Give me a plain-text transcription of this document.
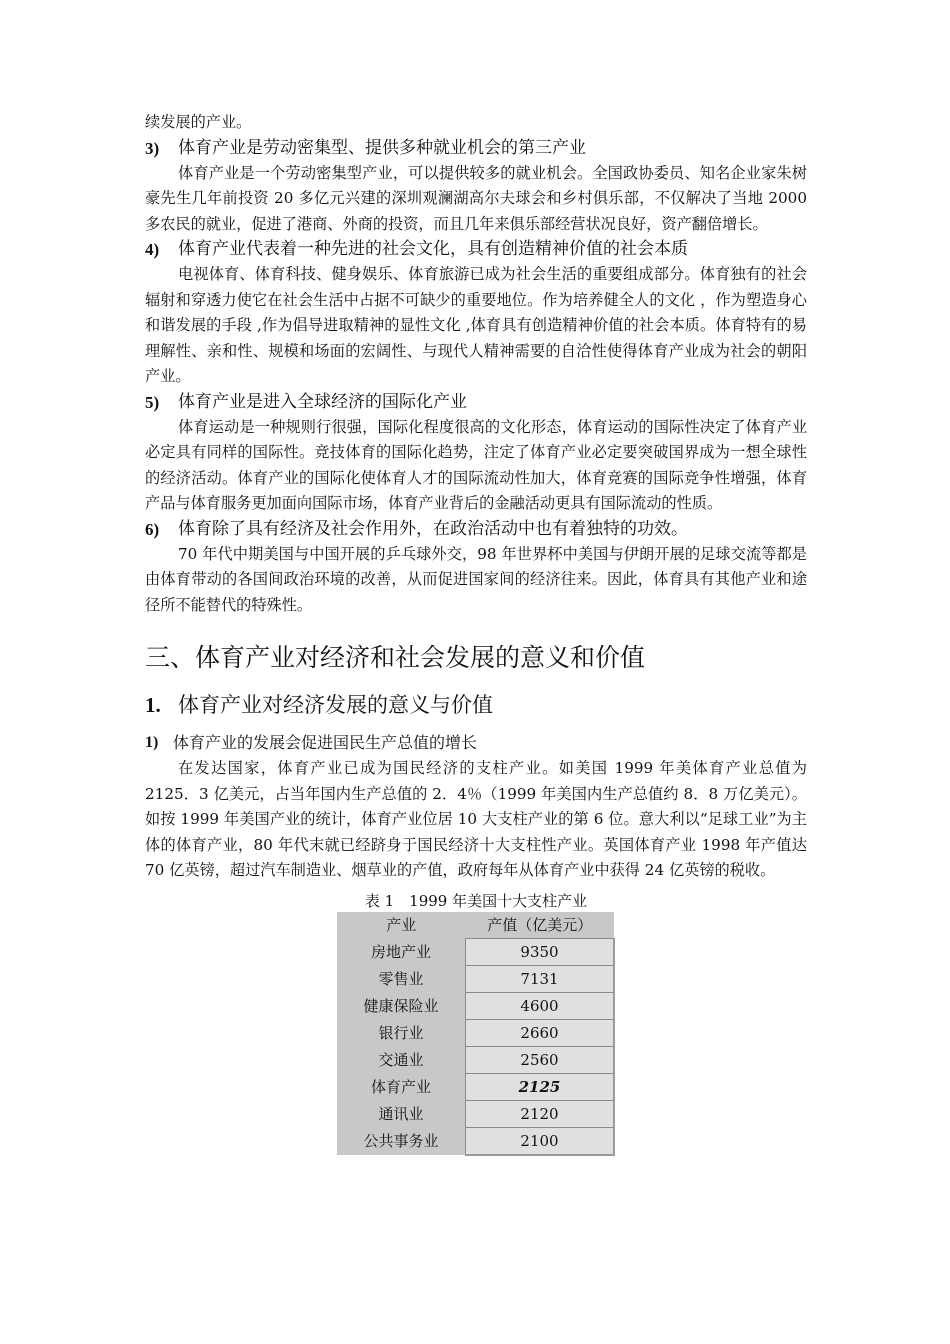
续发展的产业。

3)	体育产业是劳动密集型、提供多种就业机会的第三产业

体育产业是一个劳动密集型产业，可以提供较多的就业机会。全国政协委员、知名企业家朱树豪先生几年前投资 20 多亿元兴建的深圳观澜湖高尔夫球会和乡村俱乐部，不仅解决了当地 2000 多农民的就业，促进了港商、外商的投资，而且几年来俱乐部经营状况良好，资产翻倍增长。

4)	体育产业代表着一种先进的社会文化，具有创造精神价值的社会本质

电视体育、体育科技、健身娱乐、体育旅游已成为社会生活的重要组成部分。体育独有的社会辐射和穿透力使它在社会生活中占据不可缺少的重要地位。作为培养健全人的文化 ，作为塑造身心和谐发展的手段 ,作为倡导进取精神的显性文化 ,体育具有创造精神价值的社会本质。体育特有的易理解性、亲和性、规模和场面的宏阔性、与现代人精神需要的自洽性使得体育产业成为社会的朝阳产业。

5)	体育产业是进入全球经济的国际化产业

体育运动是一种规则行很强，国际化程度很高的文化形态，体育运动的国际性决定了体育产业必定具有同样的国际性。竞技体育的国际化趋势，注定了体育产业必定要突破国界成为一想全球性的经济活动。体育产业的国际化使体育人才的国际流动性加大，体育竞赛的国际竞争性增强，体育产品与体育服务更加面向国际市场，体育产业背后的金融活动更具有国际流动的性质。

6)	体育除了具有经济及社会作用外，在政治活动中也有着独特的功效。

70 年代中期美国与中国开展的乒乓球外交，98 年世界杯中美国与伊朗开展的足球交流等都是由体育带动的各国间政治环境的改善，从而促进国家间的经济往来。因此，体育具有其他产业和途径所不能替代的特殊性。

三、体育产业对经济和社会发展的意义和价值
1. 体育产业对经济发展的意义与价值
1) 体育产业的发展会促进国民生产总值的增长

在发达国家，体育产业已成为国民经济的支柱产业。如美国 1999 年美体育产业总值为 2125．3 亿美元，占当年国内生产总值的 2．4％（1999 年美国内生产总值约 8．8 万亿美元）。如按 1999 年美国产业的统计，体育产业位居 10 大支柱产业的第 6 位。意大利以“足球工业”为主体的体育产业，80 年代末就已经跻身于国民经济十大支柱性产业。英国体育产业 1998 年产值达 70 亿英镑，超过汽车制造业、烟草业的产值，政府每年从体育产业中获得 24 亿英镑的税收。

表 1　1999 年美国十大支柱产业

产业	产值（亿美元）
房地产业	9350
零售业	7131
健康保险业	4600
银行业	2660
交通业	2560
体育产业	2125
通讯业	2120
公共事务业	2100
